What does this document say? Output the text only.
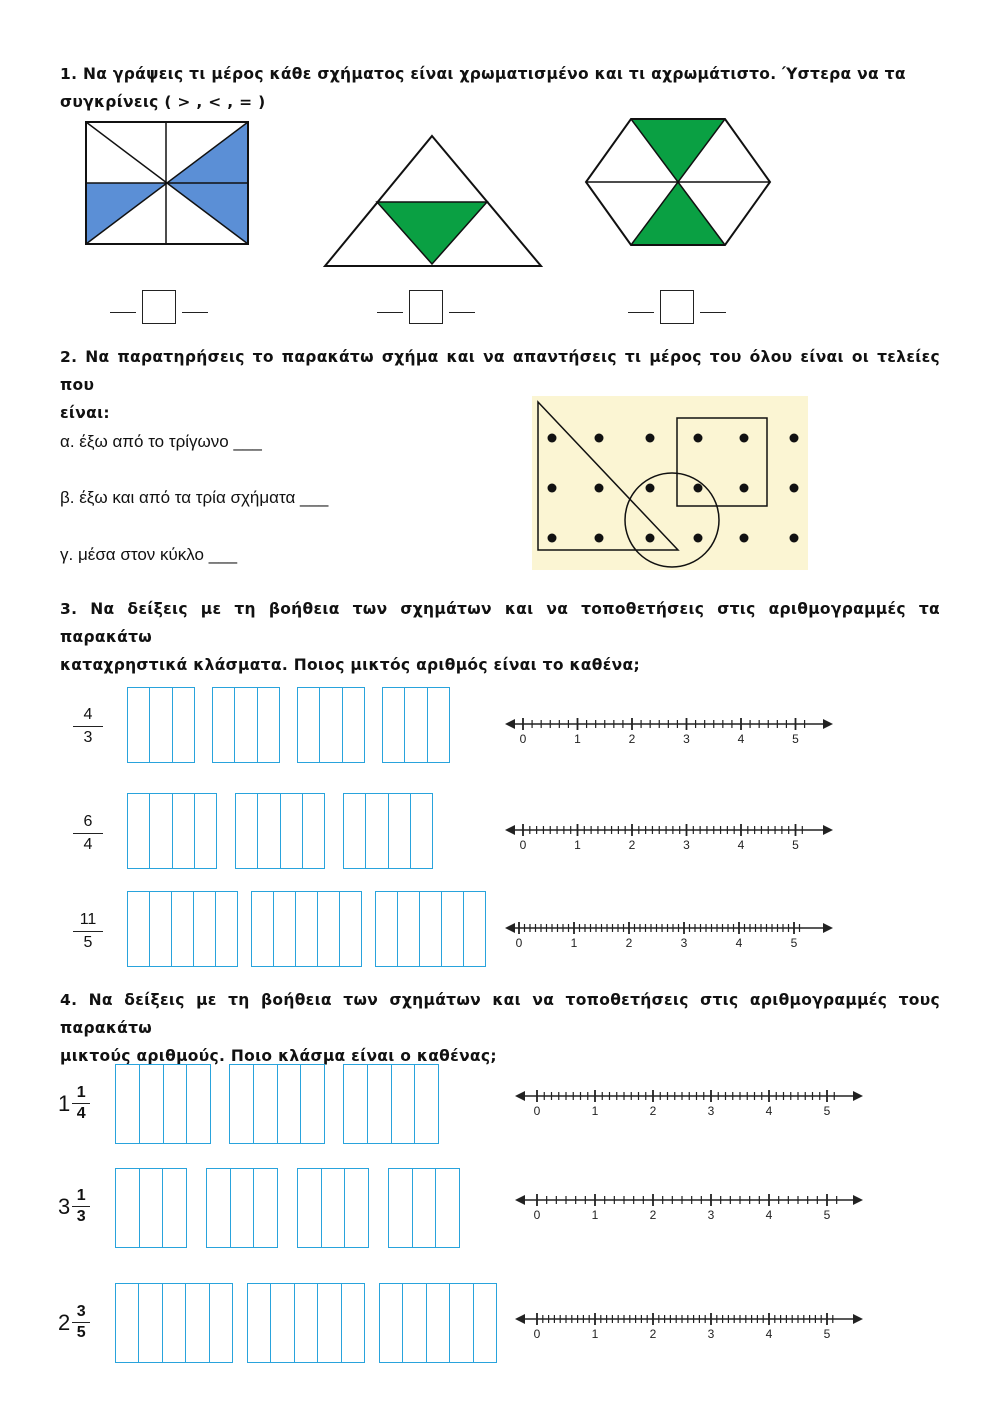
1. Να γράψεις τι μέρος κάθε σχήματος είναι χρωματισμένο και τι αχρωμάτιστο. Ύστερα να τα

συγκρίνεις ( > , < , = )

2. Να παρατηρήσεις το παρακάτω σχήμα και να απαντήσεις τι μέρος του όλου είναι οι τελείες που

είναι:

α. έξω από το τρίγωνο ___
β. έξω και από τα τρία σχήματα ___
γ. μέσα στον κύκλο ___

3. Να δείξεις με τη βοήθεια των σχημάτων και να τοποθετήσεις στις αριθμογραμμές τα παρακάτω

καταχρηστικά κλάσματα. Ποιος μικτός αριθμός είναι το καθένα;

4
3
6
4
11
5
0	1	2	3	4	5
0	1	2	3	4	5
0	1	2	3	4	5

4. Να δείξεις με τη βοήθεια των σχημάτων και να τοποθετήσεις στις αριθμογραμμές τους παρακάτω

μικτούς αριθμούς. Ποιο κλάσμα είναι ο καθένας;

1 1
4
3 1
3
2 3
5
0	1	2	3	4	5
0	1	2	3	4	5
0	1	2	3	4	5
